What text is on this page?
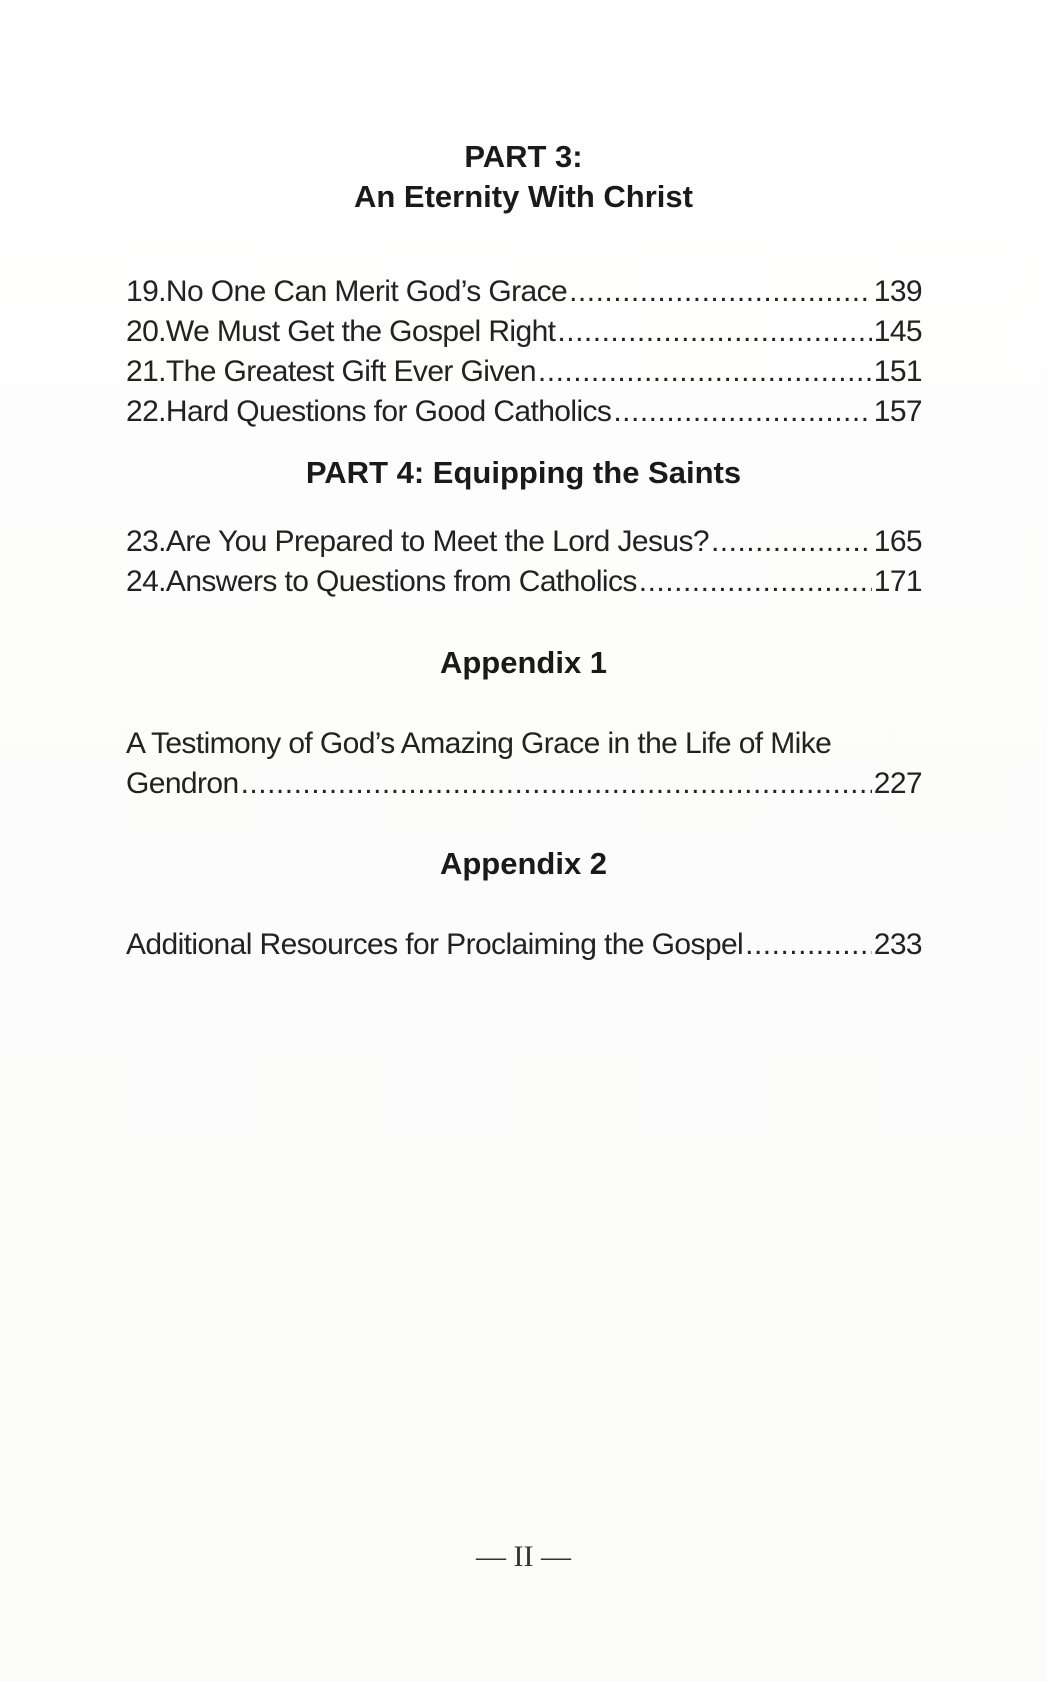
PART 3:
An Eternity With Christ
19. No One Can Merit God’s Grace .....	139
20. We Must Get the Gospel Right .....	145
21. The Greatest Gift Ever Given .....	151
22. Hard Questions for Good Catholics .....	157
PART 4: Equipping the Saints
23. Are You Prepared to Meet the Lord Jesus? .....	165
24. Answers to Questions from Catholics .....	171
Appendix 1
A Testimony of God’s Amazing Grace in the Life of Mike
Gendron .....	227
Appendix 2
Additional Resources for Proclaiming the Gospel .....	233
— II —
